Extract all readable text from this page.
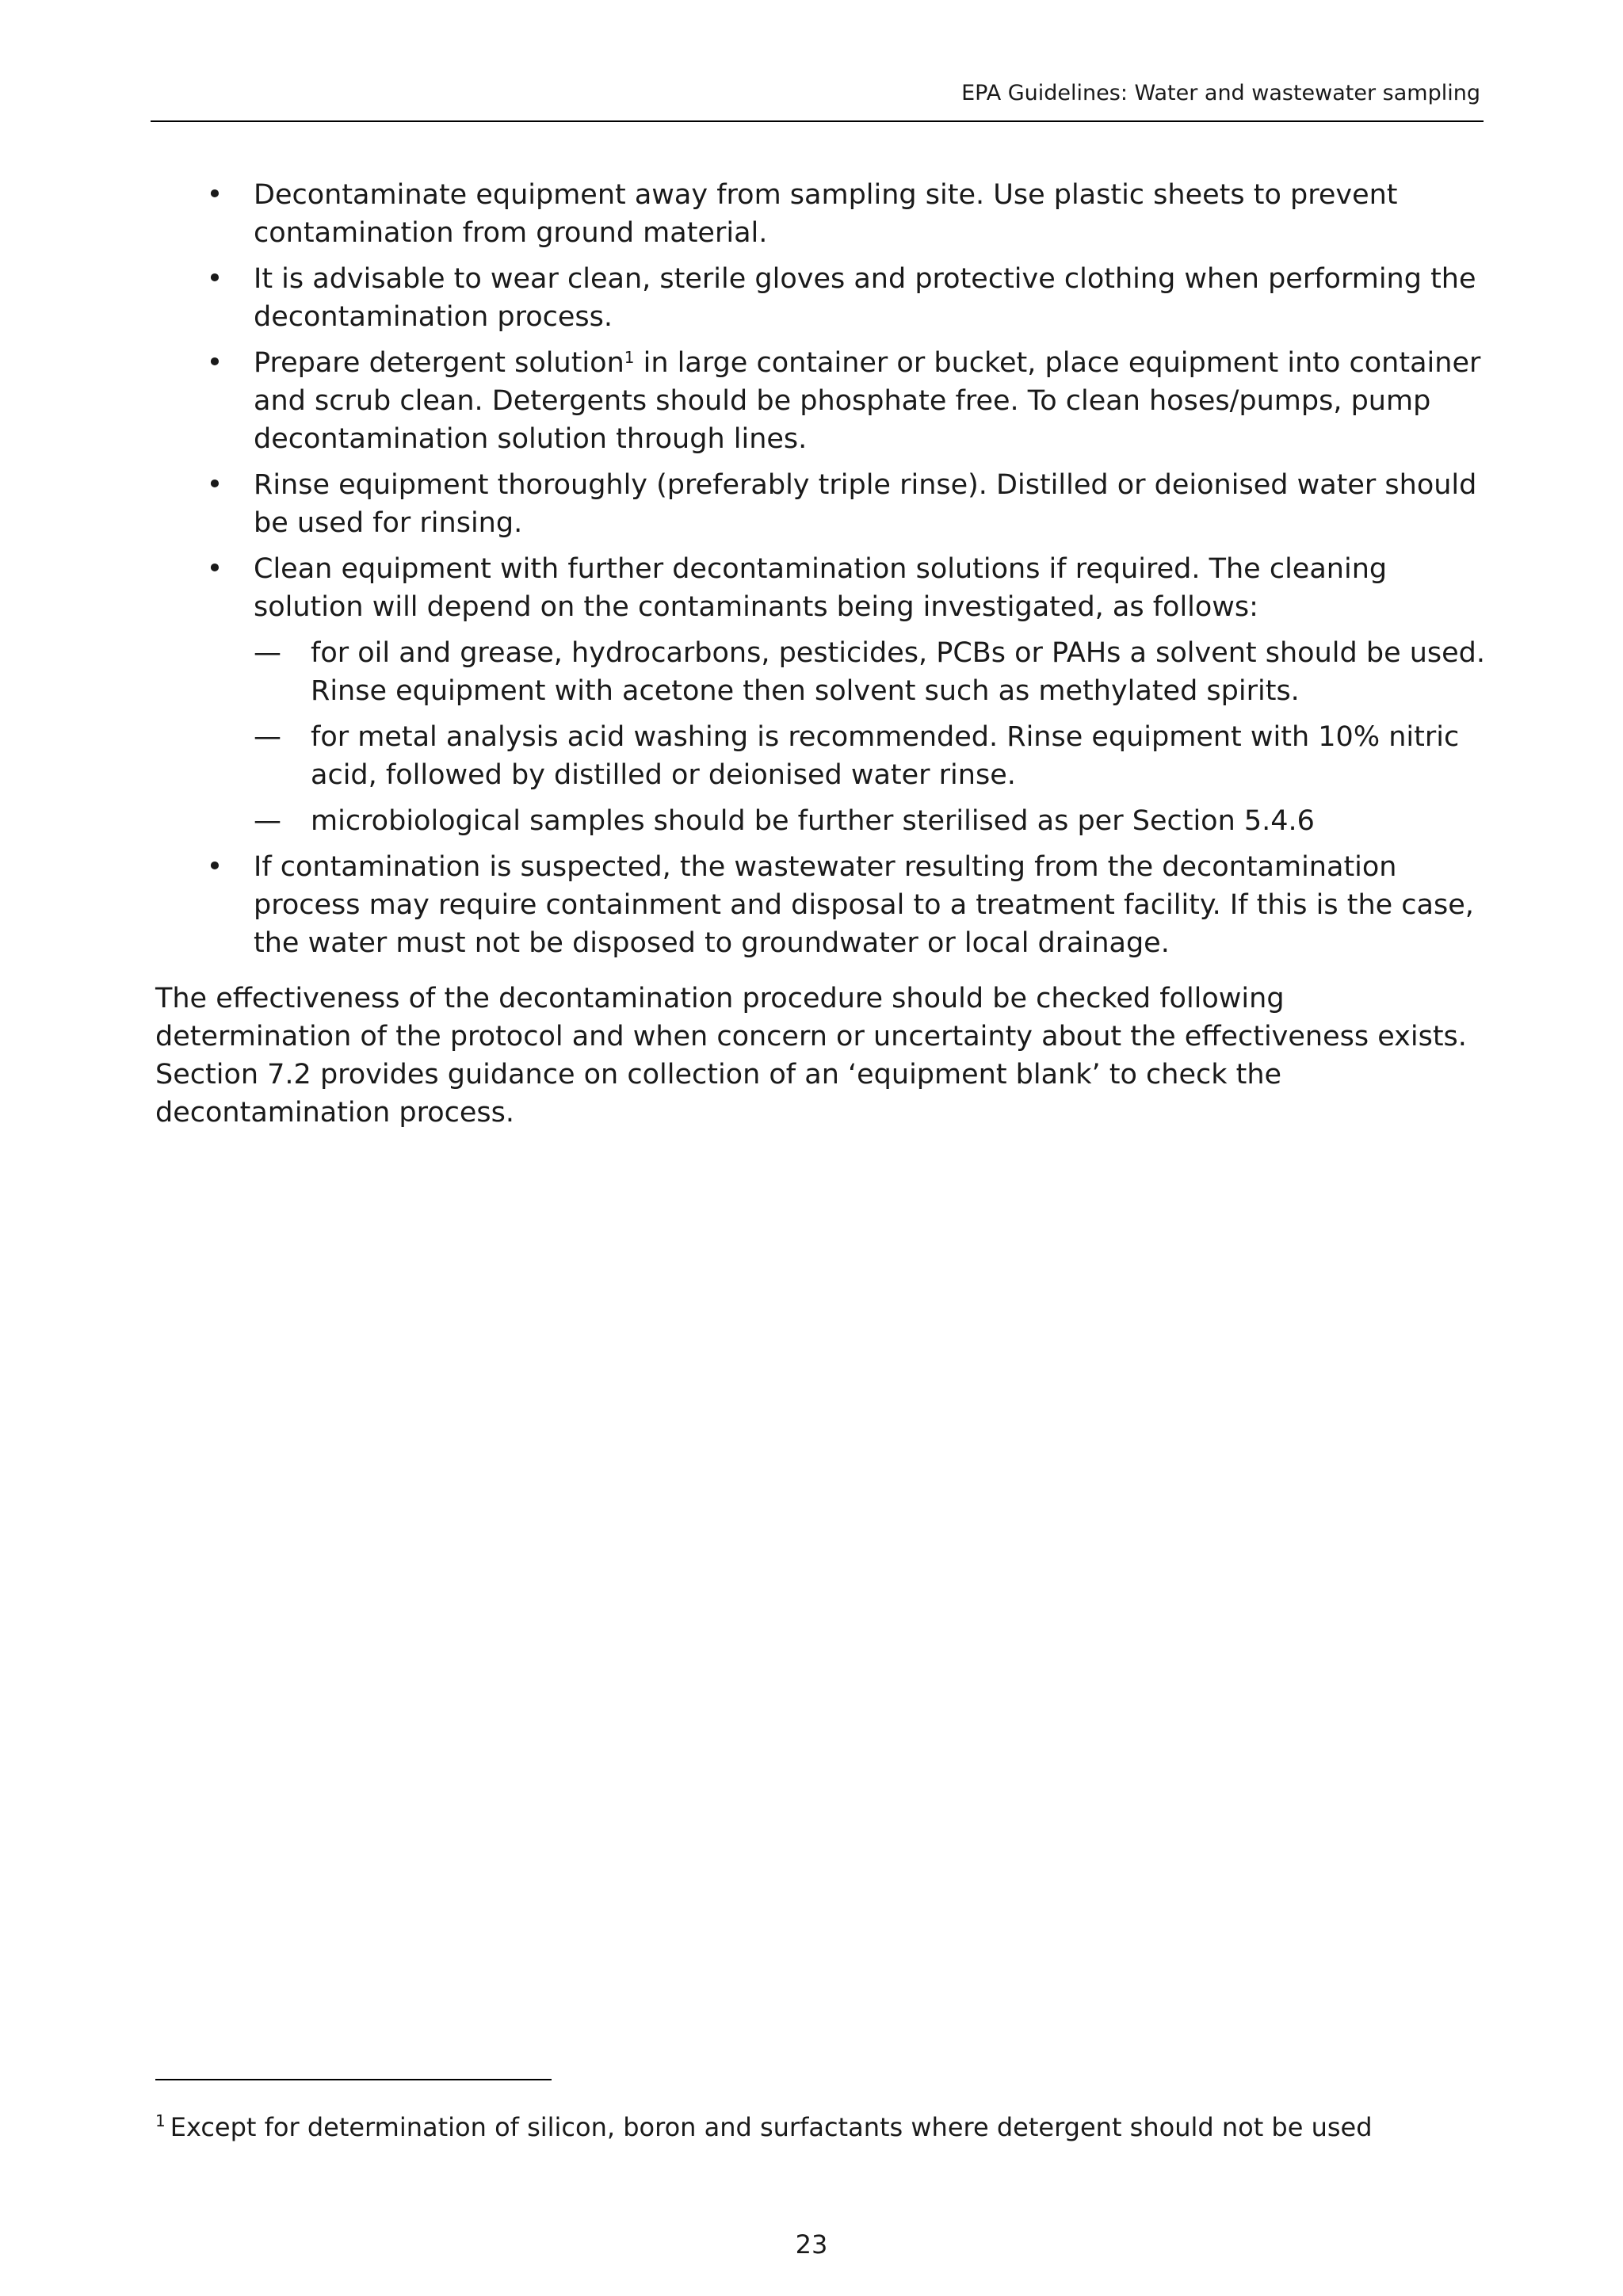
EPA Guidelines: Water and wastewater sampling
• Decontaminate equipment away from sampling site. Use plastic sheets to prevent contamination from ground material.
• It is advisable to wear clean, sterile gloves and protective clothing when performing the decontamination process.
• Prepare detergent solution$^1$ in large container or bucket, place equipment into container and scrub clean. Detergents should be phosphate free. To clean hoses/pumps, pump decontamination solution through lines.
• Rinse equipment thoroughly (preferably triple rinse). Distilled or deionised water should be used for rinsing.
• Clean equipment with further decontamination solutions if required. The cleaning solution will depend on the contaminants being investigated, as follows:
— for oil and grease, hydrocarbons, pesticides, PCBs or PAHs a solvent should be used. Rinse equipment with acetone then solvent such as methylated spirits.
— for metal analysis acid washing is recommended. Rinse equipment with 10% nitric acid, followed by distilled or deionised water rinse.
— microbiological samples should be further sterilised as per Section 5.4.6
• If contamination is suspected, the wastewater resulting from the decontamination process may require containment and disposal to a treatment facility. If this is the case, the water must not be disposed to groundwater or local drainage.

The effectiveness of the decontamination procedure should be checked following determination of the protocol and when concern or uncertainty about the effectiveness exists. Section 7.2 provides guidance on collection of an ‘equipment blank’ to check the decontamination process.

$^1$ Except for determination of silicon, boron and surfactants where detergent should not be used
23
